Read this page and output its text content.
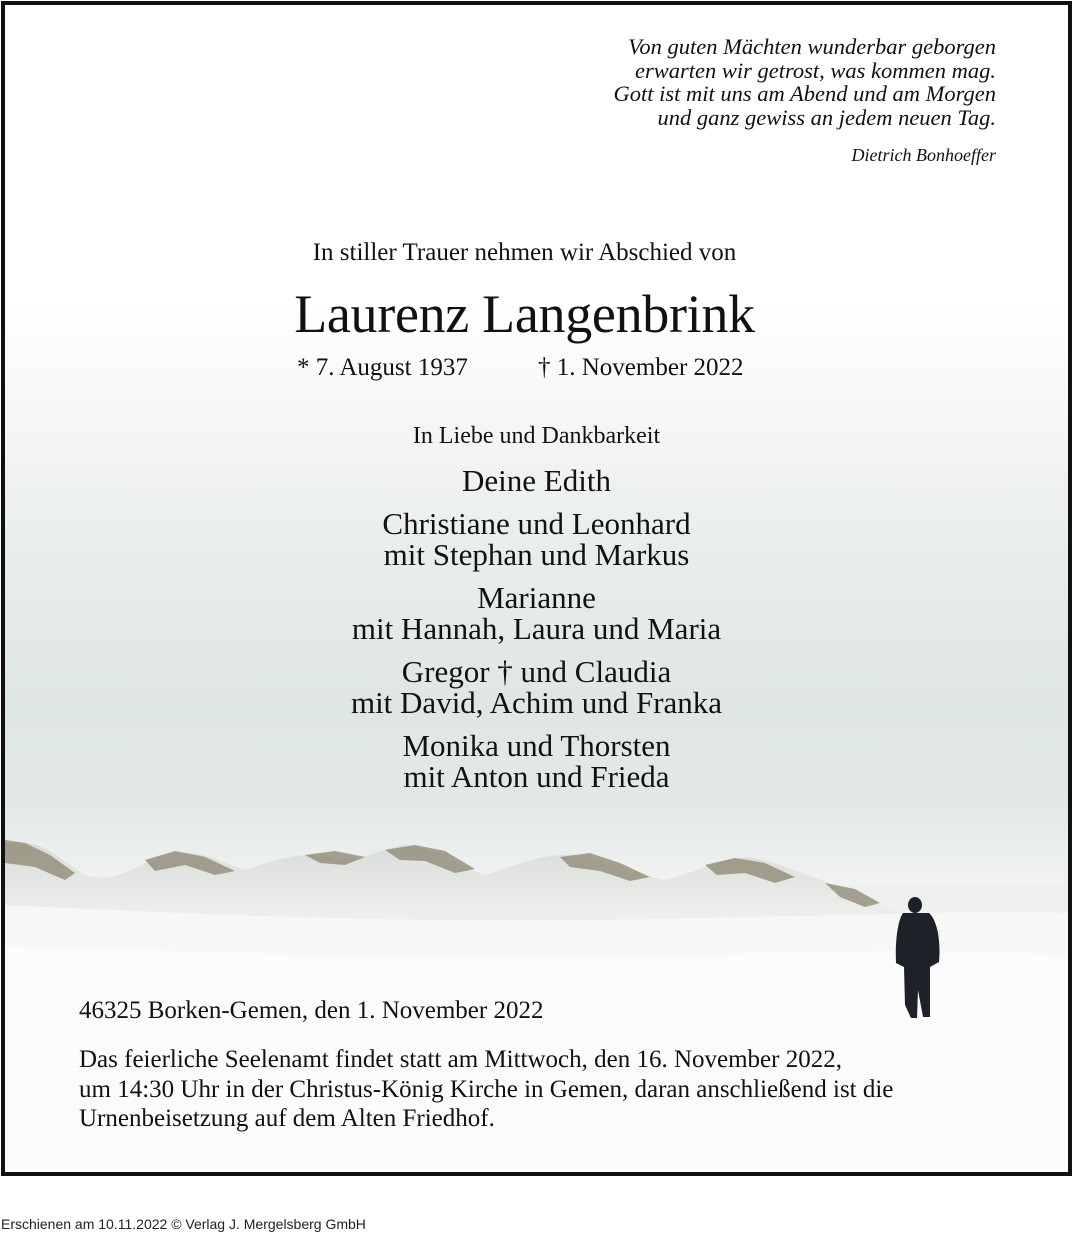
Von guten Mächten wunderbar geborgen
erwarten wir getrost, was kommen mag.
Gott ist mit uns am Abend und am Morgen
und ganz gewiss an jedem neuen Tag.
Dietrich Bonhoeffer
In stiller Trauer nehmen wir Abschied von
Laurenz Langenbrink
* 7. August 1937	† 1. November 2022
In Liebe und Dankbarkeit
Deine Edith
Christiane und Leonhard
mit Stephan und Markus
Marianne
mit Hannah, Laura und Maria
Gregor † und Claudia
mit David, Achim und Franka
Monika und Thorsten
mit Anton und Frieda
46325 Borken-Gemen, den 1. November 2022
Das feierliche Seelenamt findet statt am Mittwoch, den 16. November 2022,
um 14:30 Uhr in der Christus-König Kirche in Gemen, daran anschließend ist die
Urnenbeisetzung auf dem Alten Friedhof.
Erschienen am 10.11.2022 © Verlag J. Mergelsberg GmbH
